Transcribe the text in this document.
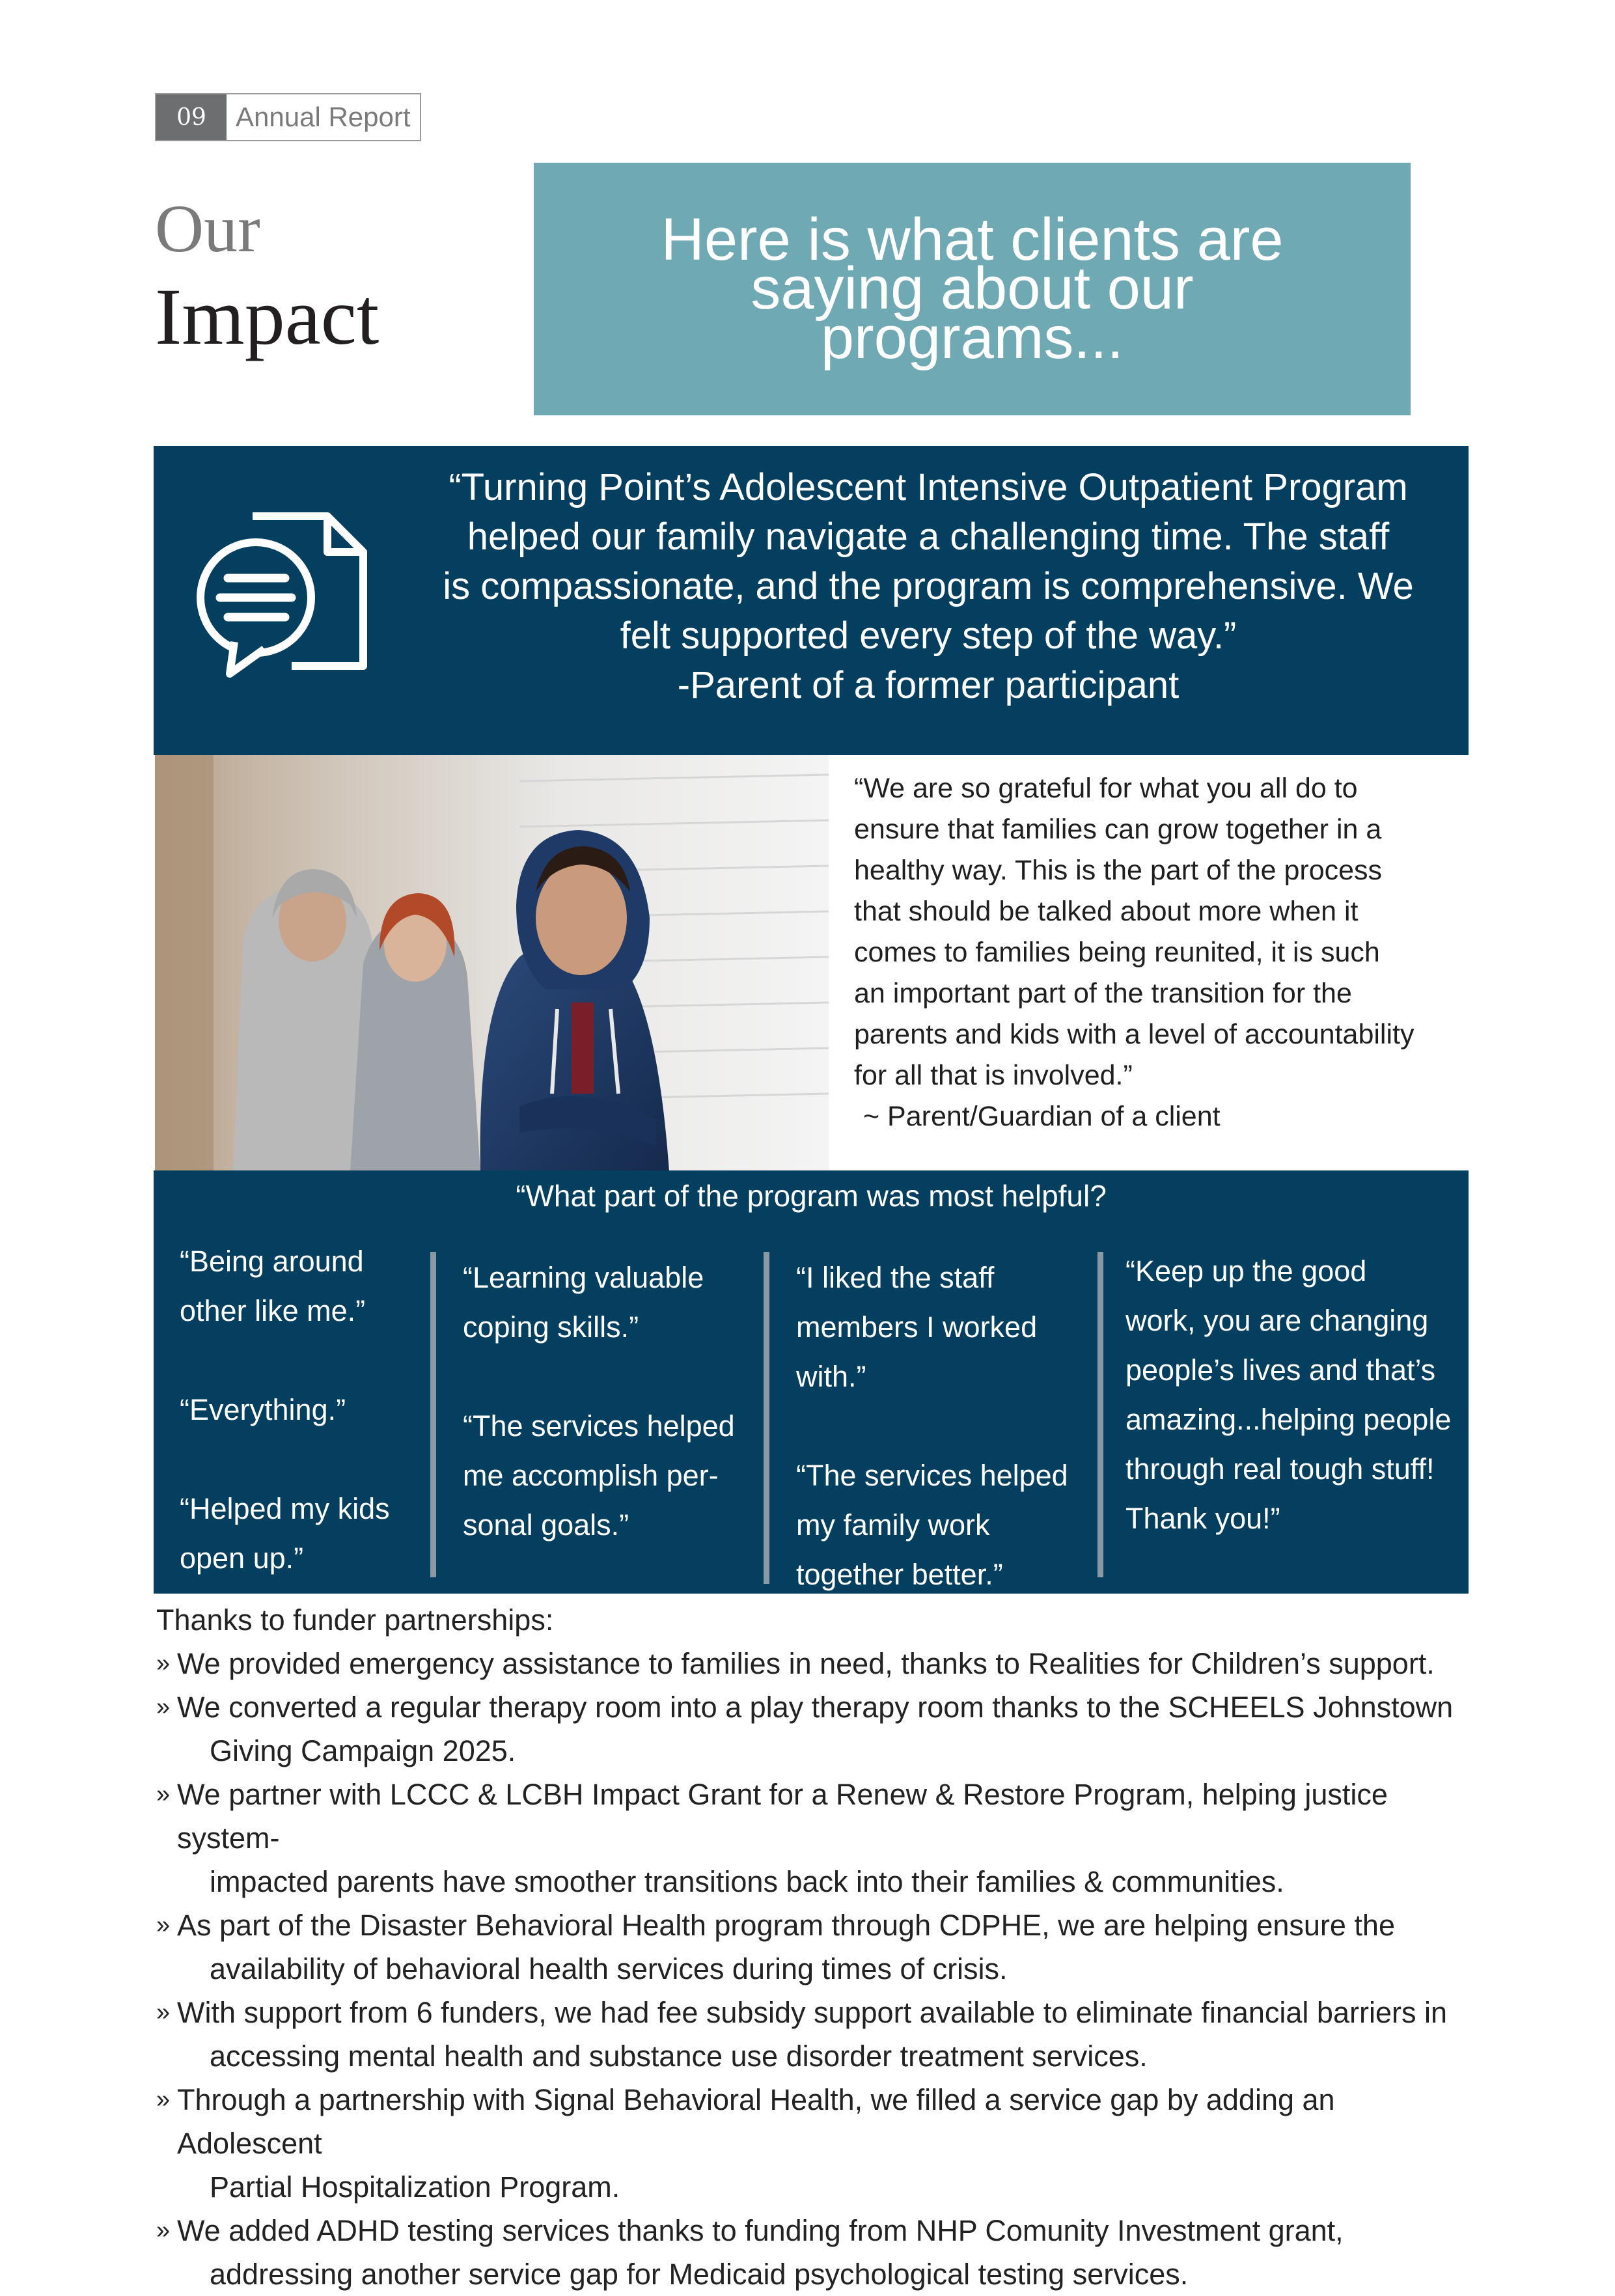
09	Annual Report
Our
Impact
Here is what clients are saying about our programs...
“Turning Point’s Adolescent Intensive Outpatient Program
helped our family navigate a challenging time. The staff
is compassionate, and the program is comprehensive. We
felt supported every step of the way.”
-Parent of a former participant
“We are so grateful for what you all do to
ensure that families can grow together in a
healthy way. This is the part of the process
that should be talked about more when it
comes to families being reunited, it is such
an important part of the transition for the
parents and kids with a level of accountability
for all that is involved.”
~ Parent/Guardian of a client
“What part of the program was most helpful?

“Being around

other like me.”

“Everything.”

“Helped my kids

open up.”

“Learning valuable

coping skills.”

“The services helped

me accomplish per-

sonal goals.”

“I liked the staff

members I worked

with.”

“The services helped

my family work

together better.”

“Keep up the good

work, you are changing

people’s lives and that’s

amazing...helping people

through real tough stuff!

Thank you!”

Thanks to funder partnerships:
» We provided emergency assistance to families in need, thanks to Realities for Children’s support.
» We converted a regular therapy room into a play therapy room thanks to the SCHEELS Johnstown
Giving Campaign 2025.
» We partner with LCCC & LCBH Impact Grant for a Renew & Restore Program, helping justice system-
impacted parents have smoother transitions back into their families & communities.
» As part of the Disaster Behavioral Health program through CDPHE, we are helping ensure the
availability of behavioral health services during times of crisis.
» With support from 6 funders, we had fee subsidy support available to eliminate financial barriers in
accessing mental health and substance use disorder treatment services.
» Through a partnership with Signal Behavioral Health, we filled a service gap by adding an Adolescent
Partial Hospitalization Program.
» We added ADHD testing services thanks to funding from NHP Comunity Investment grant,
addressing another service gap for Medicaid psychological testing services.
